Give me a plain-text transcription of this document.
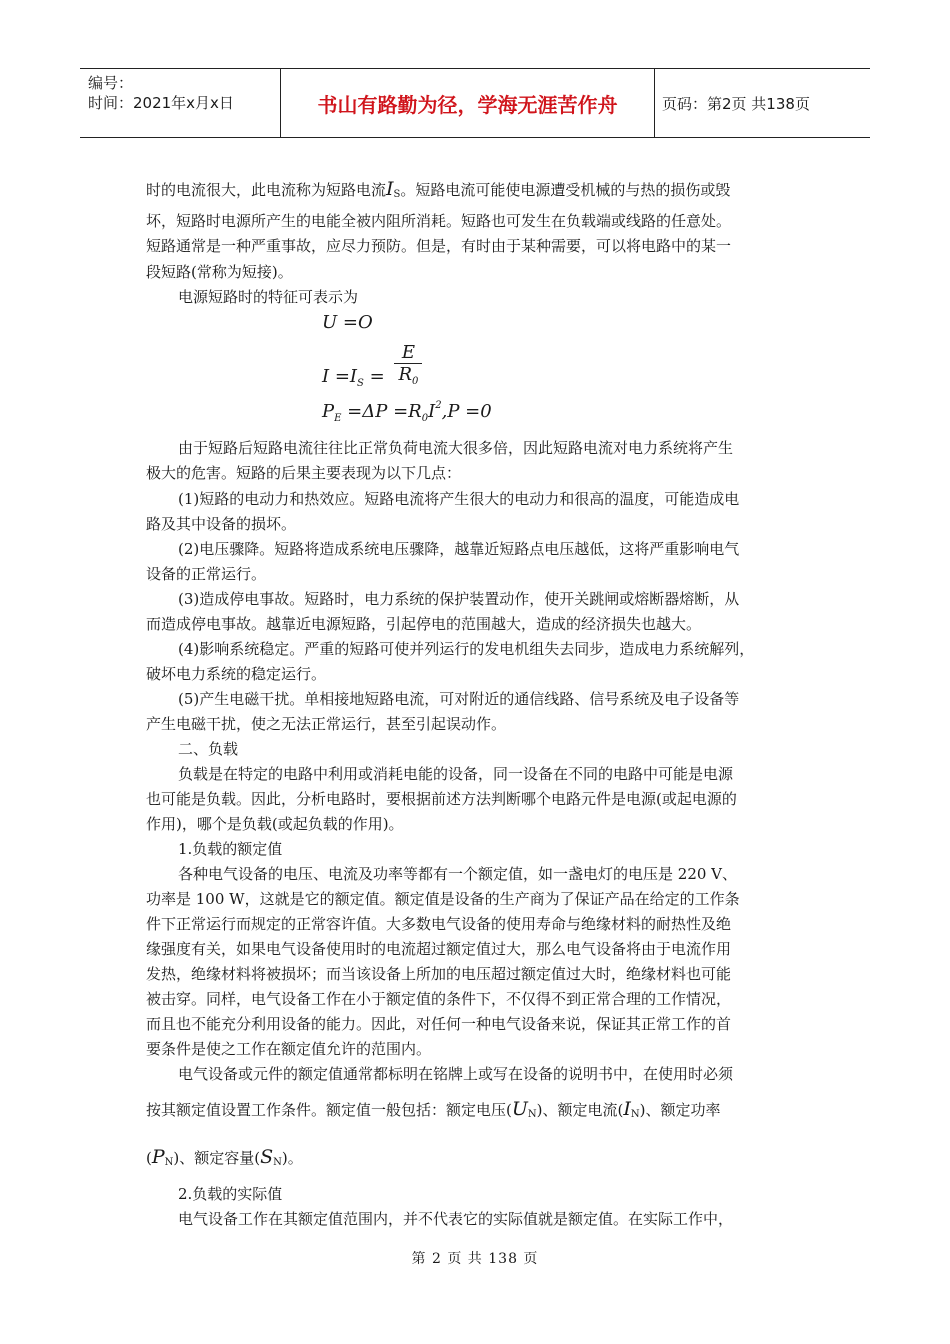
编号：
时间：2021年x月x日	书山有路勤为径，学海无涯苦作舟	页码：第2页 共138页
时的电流很大，此电流称为短路电流IS。短路电流可能使电源遭受机械的与热的损伤或毁
坏，短路时电源所产生的电能全被内阻所消耗。短路也可发生在负载端或线路的任意处。
短路通常是一种严重事故，应尽力预防。但是，有时由于某种需要，可以将电路中的某一
段短路(常称为短接)。
电源短路时的特征可表示为
U =O
$I =I_S = \frac{E}{R_0}$
$P_E =\Delta P =R_0I^2,P =0$
由于短路后短路电流往往比正常负荷电流大很多倍，因此短路电流对电力系统将产生
极大的危害。短路的后果主要表现为以下几点：
(1)短路的电动力和热效应。短路电流将产生很大的电动力和很高的温度，可能造成电
路及其中设备的损坏。
(2)电压骤降。短路将造成系统电压骤降，越靠近短路点电压越低，这将严重影响电气
设备的正常运行。
(3)造成停电事故。短路时，电力系统的保护装置动作，使开关跳闸或熔断器熔断，从
而造成停电事故。越靠近电源短路，引起停电的范围越大，造成的经济损失也越大。
(4)影响系统稳定。严重的短路可使并列运行的发电机组失去同步，造成电力系统解列，
破坏电力系统的稳定运行。
(5)产生电磁干扰。单相接地短路电流，可对附近的通信线路、信号系统及电子设备等
产生电磁干扰，使之无法正常运行，甚至引起误动作。
二、负载
负载是在特定的电路中利用或消耗电能的设备，同一设备在不同的电路中可能是电源
也可能是负载。因此，分析电路时，要根据前述方法判断哪个电路元件是电源(或起电源的
作用)，哪个是负载(或起负载的作用)。
1.负载的额定值
各种电气设备的电压、电流及功率等都有一个额定值，如一盏电灯的电压是 220 V、
功率是 100 W，这就是它的额定值。额定值是设备的生产商为了保证产品在给定的工作条
件下正常运行而规定的正常容许值。大多数电气设备的使用寿命与绝缘材料的耐热性及绝
缘强度有关，如果电气设备使用时的电流超过额定值过大，那么电气设备将由于电流作用
发热，绝缘材料将被损坏；而当该设备上所加的电压超过额定值过大时，绝缘材料也可能
被击穿。同样，电气设备工作在小于额定值的条件下，不仅得不到正常合理的工作情况，
而且也不能充分利用设备的能力。因此，对任何一种电气设备来说，保证其正常工作的首
要条件是使之工作在额定值允许的范围内。
电气设备或元件的额定值通常都标明在铭牌上或写在设备的说明书中，在使用时必须
按其额定值设置工作条件。额定值一般包括：额定电压(UN)、额定电流(IN)、额定功率
(PN)、额定容量(SN)。
2.负载的实际值
电气设备工作在其额定值范围内，并不代表它的实际值就是额定值。在实际工作中，
第 2 页 共 138 页
